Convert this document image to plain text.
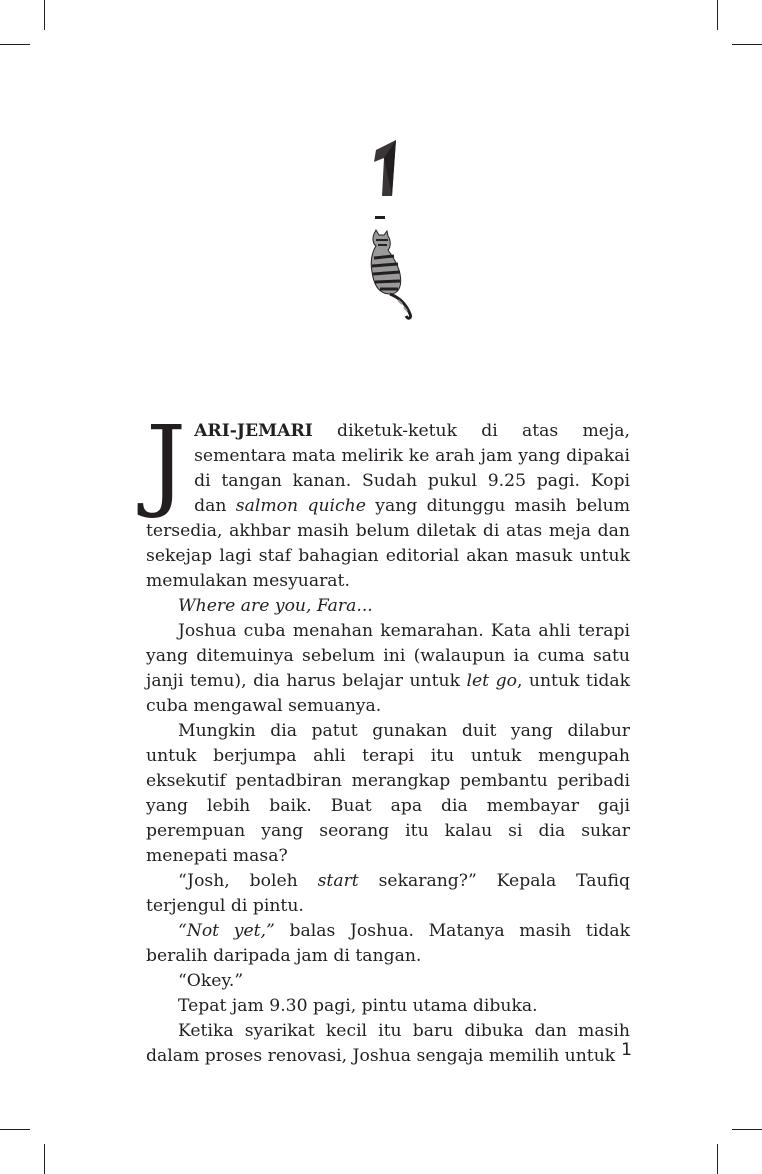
JARI-JEMARI diketuk-ketuk di atas meja, sementara mata melirik ke arah jam yang dipakai di tangan kanan. Sudah pukul 9.25 pagi. Kopi dan salmon quiche yang ditunggu masih belum tersedia, akhbar masih belum diletak di atas meja dan sekejap lagi staf bahagian editorial akan masuk untuk memulakan mesyuarat.

Where are you, Fara...

Joshua cuba menahan kemarahan. Kata ahli terapi yang ditemuinya sebelum ini (walaupun ia cuma satu janji temu), dia harus belajar untuk let go, untuk tidak cuba mengawal semuanya.

Mungkin dia patut gunakan duit yang dilabur untuk berjumpa ahli terapi itu untuk mengupah eksekutif pentadbiran merangkap pembantu peribadi yang lebih baik. Buat apa dia membayar gaji perempuan yang seorang itu kalau si dia sukar menepati masa?

“Josh, boleh start sekarang?” Kepala Taufiq terjengul di pintu.

“Not yet,” balas Joshua. Matanya masih tidak beralih daripada jam di tangan.

“Okey.”

Tepat jam 9.30 pagi, pintu utama dibuka.

Ketika syarikat kecil itu baru dibuka dan masih dalam proses renovasi, Joshua sengaja memilih untuk 1
